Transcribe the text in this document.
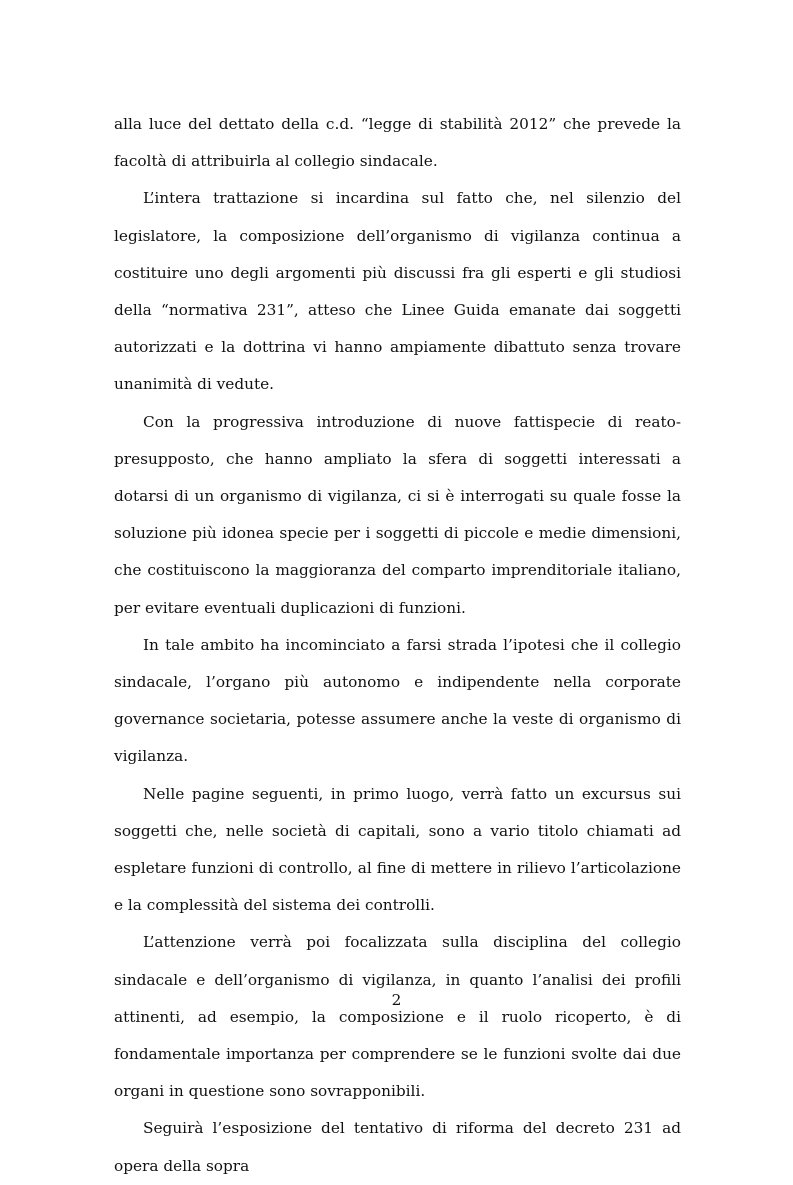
alla luce del dettato della c.d. “legge di stabilità 2012” che prevede la facoltà di attribuirla al collegio sindacale.

L’intera trattazione si incardina sul fatto che, nel silenzio del legislatore, la composizione dell’organismo di vigilanza continua a costituire uno degli argomenti più discussi fra gli esperti e gli studiosi della “normativa 231”, atteso che Linee Guida emanate dai soggetti autorizzati e la dottrina vi hanno ampiamente dibattuto senza trovare unanimità di vedute.

Con la progressiva introduzione di nuove fattispecie di reato-presupposto, che hanno ampliato la sfera di soggetti interessati a dotarsi di un organismo di vigilanza, ci si è interrogati su quale fosse la soluzione più idonea specie per i soggetti di piccole e medie dimensioni, che costituiscono la maggioranza del comparto imprenditoriale italiano, per evitare eventuali duplicazioni di funzioni.

In tale ambito ha incominciato a farsi strada l’ipotesi che il collegio sindacale, l’organo più autonomo e indipendente nella corporate governance societaria, potesse assumere anche la veste di organismo di vigilanza.

Nelle pagine seguenti, in primo luogo, verrà fatto un excursus sui soggetti che, nelle società di capitali, sono a vario titolo chiamati ad espletare funzioni di controllo, al fine di mettere in rilievo l’articolazione e la complessità del sistema dei controlli.

L’attenzione verrà poi focalizzata sulla disciplina del collegio sindacale e dell’organismo di vigilanza, in quanto l’analisi dei profili attinenti, ad esempio, la composizione e il ruolo ricoperto, è di fondamentale importanza per comprendere se le funzioni svolte dai due organi in questione sono sovrapponibili.

Seguirà l’esposizione del tentativo di riforma del decreto 231 ad opera della sopra

2
